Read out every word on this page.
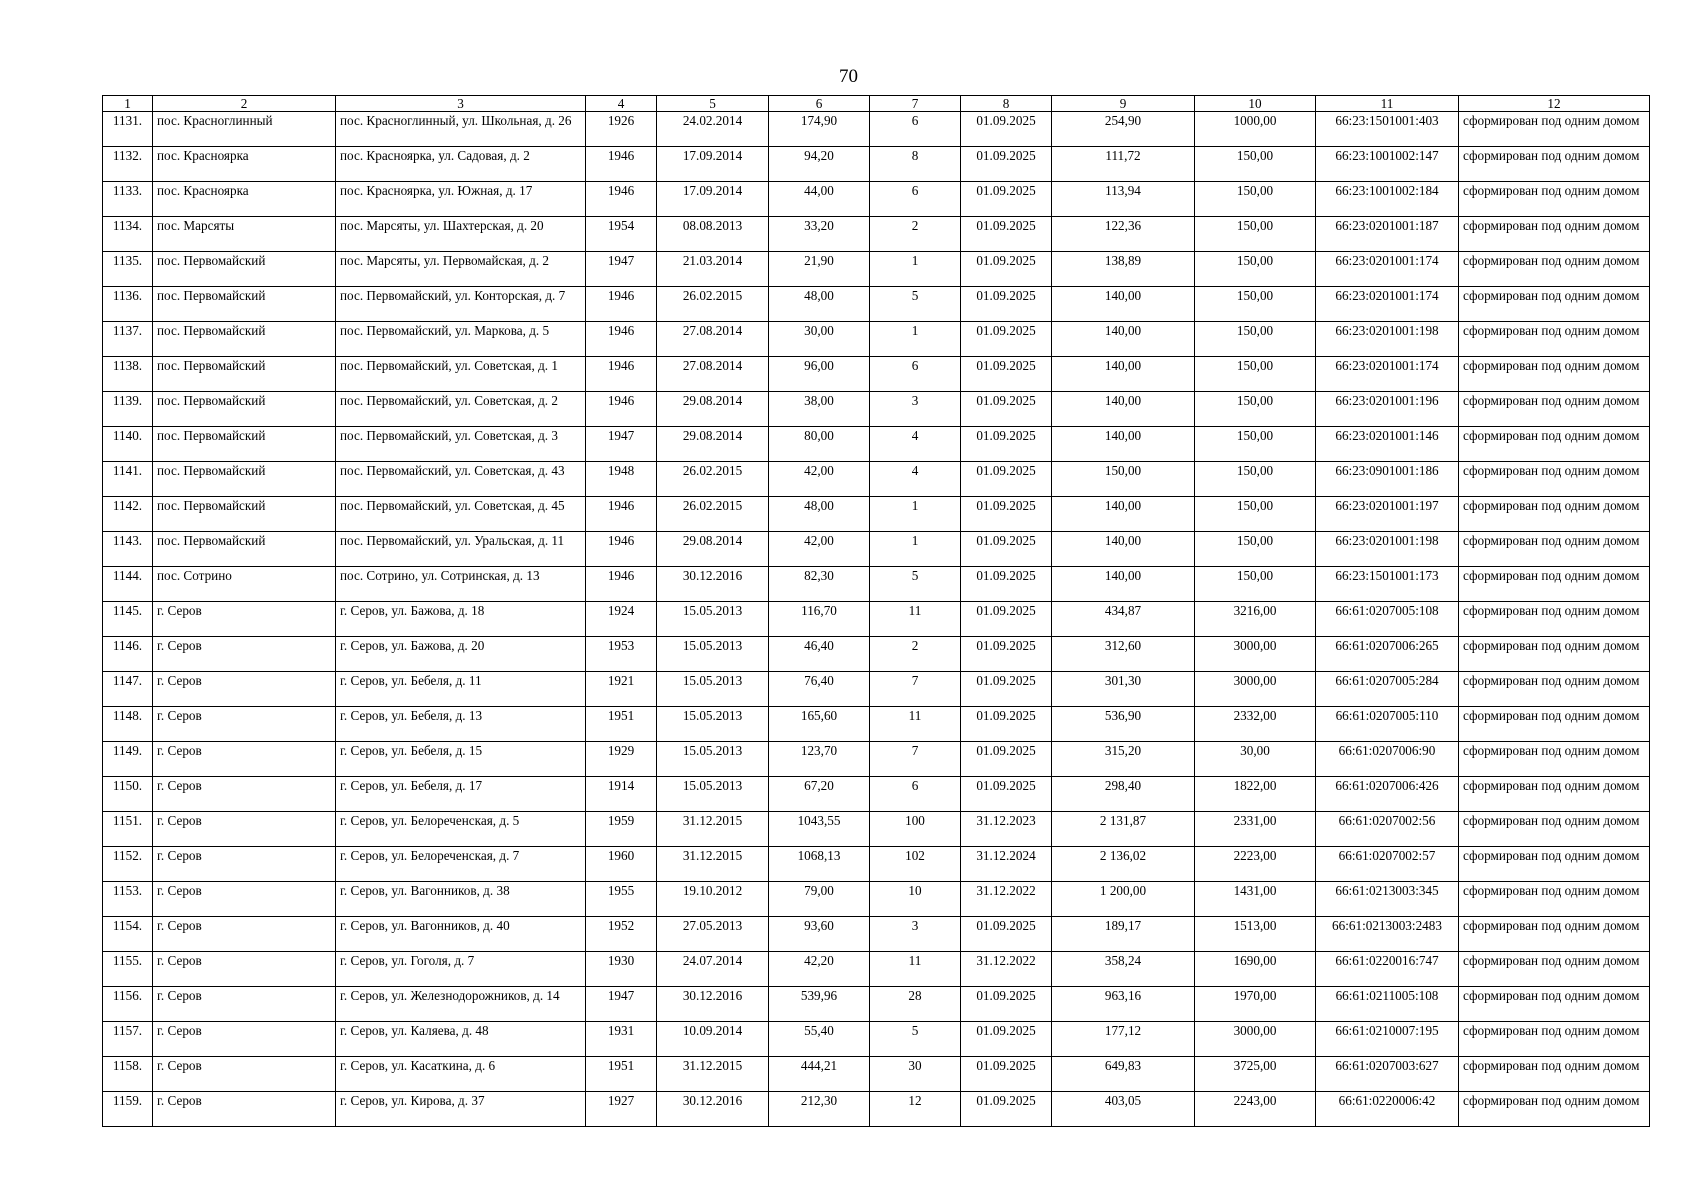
70
1	2	3	4	5	6	7	8	9	10	11	12
1131.	пос. Красноглинный	пос. Красноглинный, ул. Школьная, д. 26	1926	24.02.2014	174,90	6	01.09.2025	254,90	1000,00	66:23:1501001:403	сформирован под одним домом
1132.	пос. Красноярка	пос. Красноярка, ул. Садовая, д. 2	1946	17.09.2014	94,20	8	01.09.2025	111,72	150,00	66:23:1001002:147	сформирован под одним домом
1133.	пос. Красноярка	пос. Красноярка, ул. Южная, д. 17	1946	17.09.2014	44,00	6	01.09.2025	113,94	150,00	66:23:1001002:184	сформирован под одним домом
1134.	пос. Марсяты	пос. Марсяты, ул. Шахтерская, д. 20	1954	08.08.2013	33,20	2	01.09.2025	122,36	150,00	66:23:0201001:187	сформирован под одним домом
1135.	пос. Первомайский	пос. Марсяты, ул. Первомайская, д. 2	1947	21.03.2014	21,90	1	01.09.2025	138,89	150,00	66:23:0201001:174	сформирован под одним домом
1136.	пос. Первомайский	пос. Первомайский, ул. Конторская, д. 7	1946	26.02.2015	48,00	5	01.09.2025	140,00	150,00	66:23:0201001:174	сформирован под одним домом
1137.	пос. Первомайский	пос. Первомайский, ул. Маркова, д. 5	1946	27.08.2014	30,00	1	01.09.2025	140,00	150,00	66:23:0201001:198	сформирован под одним домом
1138.	пос. Первомайский	пос. Первомайский, ул. Советская, д. 1	1946	27.08.2014	96,00	6	01.09.2025	140,00	150,00	66:23:0201001:174	сформирован под одним домом
1139.	пос. Первомайский	пос. Первомайский, ул. Советская, д. 2	1946	29.08.2014	38,00	3	01.09.2025	140,00	150,00	66:23:0201001:196	сформирован под одним домом
1140.	пос. Первомайский	пос. Первомайский, ул. Советская, д. 3	1947	29.08.2014	80,00	4	01.09.2025	140,00	150,00	66:23:0201001:146	сформирован под одним домом
1141.	пос. Первомайский	пос. Первомайский, ул. Советская, д. 43	1948	26.02.2015	42,00	4	01.09.2025	150,00	150,00	66:23:0901001:186	сформирован под одним домом
1142.	пос. Первомайский	пос. Первомайский, ул. Советская, д. 45	1946	26.02.2015	48,00	1	01.09.2025	140,00	150,00	66:23:0201001:197	сформирован под одним домом
1143.	пос. Первомайский	пос. Первомайский, ул. Уральская, д. 11	1946	29.08.2014	42,00	1	01.09.2025	140,00	150,00	66:23:0201001:198	сформирован под одним домом
1144.	пос. Сотрино	пос. Сотрино, ул. Сотринская, д. 13	1946	30.12.2016	82,30	5	01.09.2025	140,00	150,00	66:23:1501001:173	сформирован под одним домом
1145.	г. Серов	г. Серов, ул. Бажова, д. 18	1924	15.05.2013	116,70	11	01.09.2025	434,87	3216,00	66:61:0207005:108	сформирован под одним домом
1146.	г. Серов	г. Серов, ул. Бажова, д. 20	1953	15.05.2013	46,40	2	01.09.2025	312,60	3000,00	66:61:0207006:265	сформирован под одним домом
1147.	г. Серов	г. Серов, ул. Бебеля, д. 11	1921	15.05.2013	76,40	7	01.09.2025	301,30	3000,00	66:61:0207005:284	сформирован под одним домом
1148.	г. Серов	г. Серов, ул. Бебеля, д. 13	1951	15.05.2013	165,60	11	01.09.2025	536,90	2332,00	66:61:0207005:110	сформирован под одним домом
1149.	г. Серов	г. Серов, ул. Бебеля, д. 15	1929	15.05.2013	123,70	7	01.09.2025	315,20	30,00	66:61:0207006:90	сформирован под одним домом
1150.	г. Серов	г. Серов, ул. Бебеля, д. 17	1914	15.05.2013	67,20	6	01.09.2025	298,40	1822,00	66:61:0207006:426	сформирован под одним домом
1151.	г. Серов	г. Серов, ул. Белореченская, д. 5	1959	31.12.2015	1043,55	100	31.12.2023	2 131,87	2331,00	66:61:0207002:56	сформирован под одним домом
1152.	г. Серов	г. Серов, ул. Белореченская, д. 7	1960	31.12.2015	1068,13	102	31.12.2024	2 136,02	2223,00	66:61:0207002:57	сформирован под одним домом
1153.	г. Серов	г. Серов, ул. Вагонников, д. 38	1955	19.10.2012	79,00	10	31.12.2022	1 200,00	1431,00	66:61:0213003:345	сформирован под одним домом
1154.	г. Серов	г. Серов, ул. Вагонников, д. 40	1952	27.05.2013	93,60	3	01.09.2025	189,17	1513,00	66:61:0213003:2483	сформирован под одним домом
1155.	г. Серов	г. Серов, ул. Гоголя, д. 7	1930	24.07.2014	42,20	11	31.12.2022	358,24	1690,00	66:61:0220016:747	сформирован под одним домом
1156.	г. Серов	г. Серов, ул. Железнодорожников, д. 14	1947	30.12.2016	539,96	28	01.09.2025	963,16	1970,00	66:61:0211005:108	сформирован под одним домом
1157.	г. Серов	г. Серов, ул. Каляева, д. 48	1931	10.09.2014	55,40	5	01.09.2025	177,12	3000,00	66:61:0210007:195	сформирован под одним домом
1158.	г. Серов	г. Серов, ул. Касаткина, д. 6	1951	31.12.2015	444,21	30	01.09.2025	649,83	3725,00	66:61:0207003:627	сформирован под одним домом
1159.	г. Серов	г. Серов, ул. Кирова, д. 37	1927	30.12.2016	212,30	12	01.09.2025	403,05	2243,00	66:61:0220006:42	сформирован под одним домом
